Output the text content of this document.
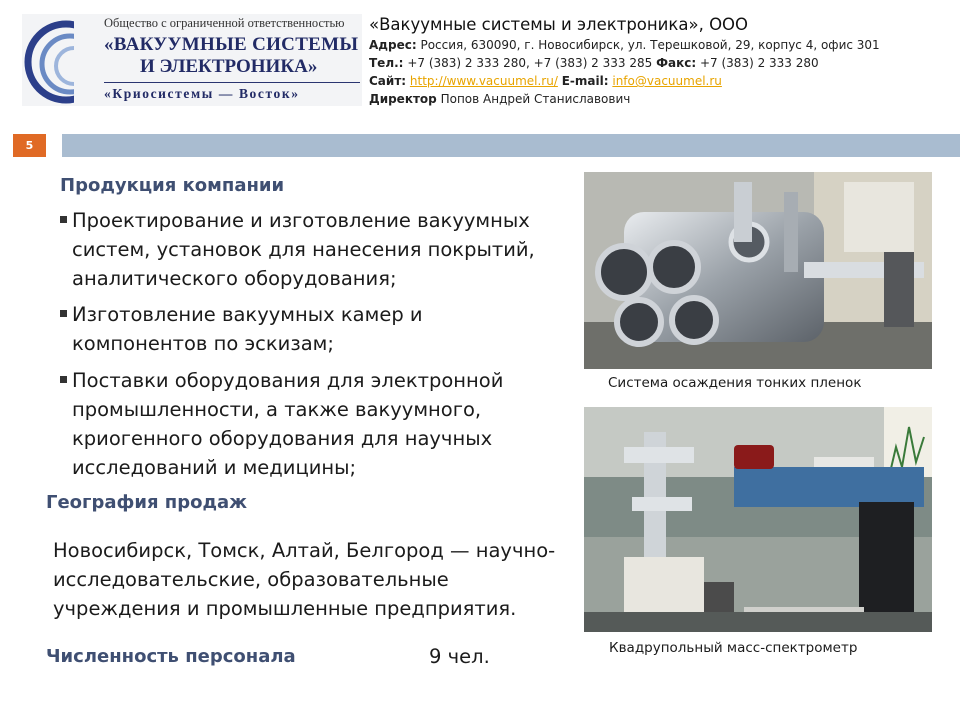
Общество с ограниченной ответственностью
«ВАКУУМНЫЕ СИСТЕМЫ
И ЭЛЕКТРОНИКА»
«Криосистемы — Восток»
«Вакуумные системы и электроника», ООО
Адрес: Россия, 630090, г. Новосибирск, ул. Терешковой, 29, корпус 4, офис 301
Тел.: +7 (383) 2 333 280, +7 (383) 2 333 285 Факс: +7 (383) 2 333 280
Сайт: http://www.vacuumel.ru/ E-mail: info@vacuumel.ru
Директор Попов Андрей Станиславович
5
Продукция компании
Проектирование и изготовление вакуумных систем, установок для нанесения покрытий, аналитического оборудования;
Изготовление вакуумных камер и компонентов по эскизам;
Поставки оборудования для электронной промышленности, а также вакуумного, криогенного оборудования для научных исследований и медицины;
География продаж
Новосибирск, Томск, Алтай, Белгород — научно-исследовательские, образовательные учреждения и промышленные предприятия.
Численность персонала	9 чел.
Система осаждения тонких пленок
Квадрупольный масс-спектрометр
